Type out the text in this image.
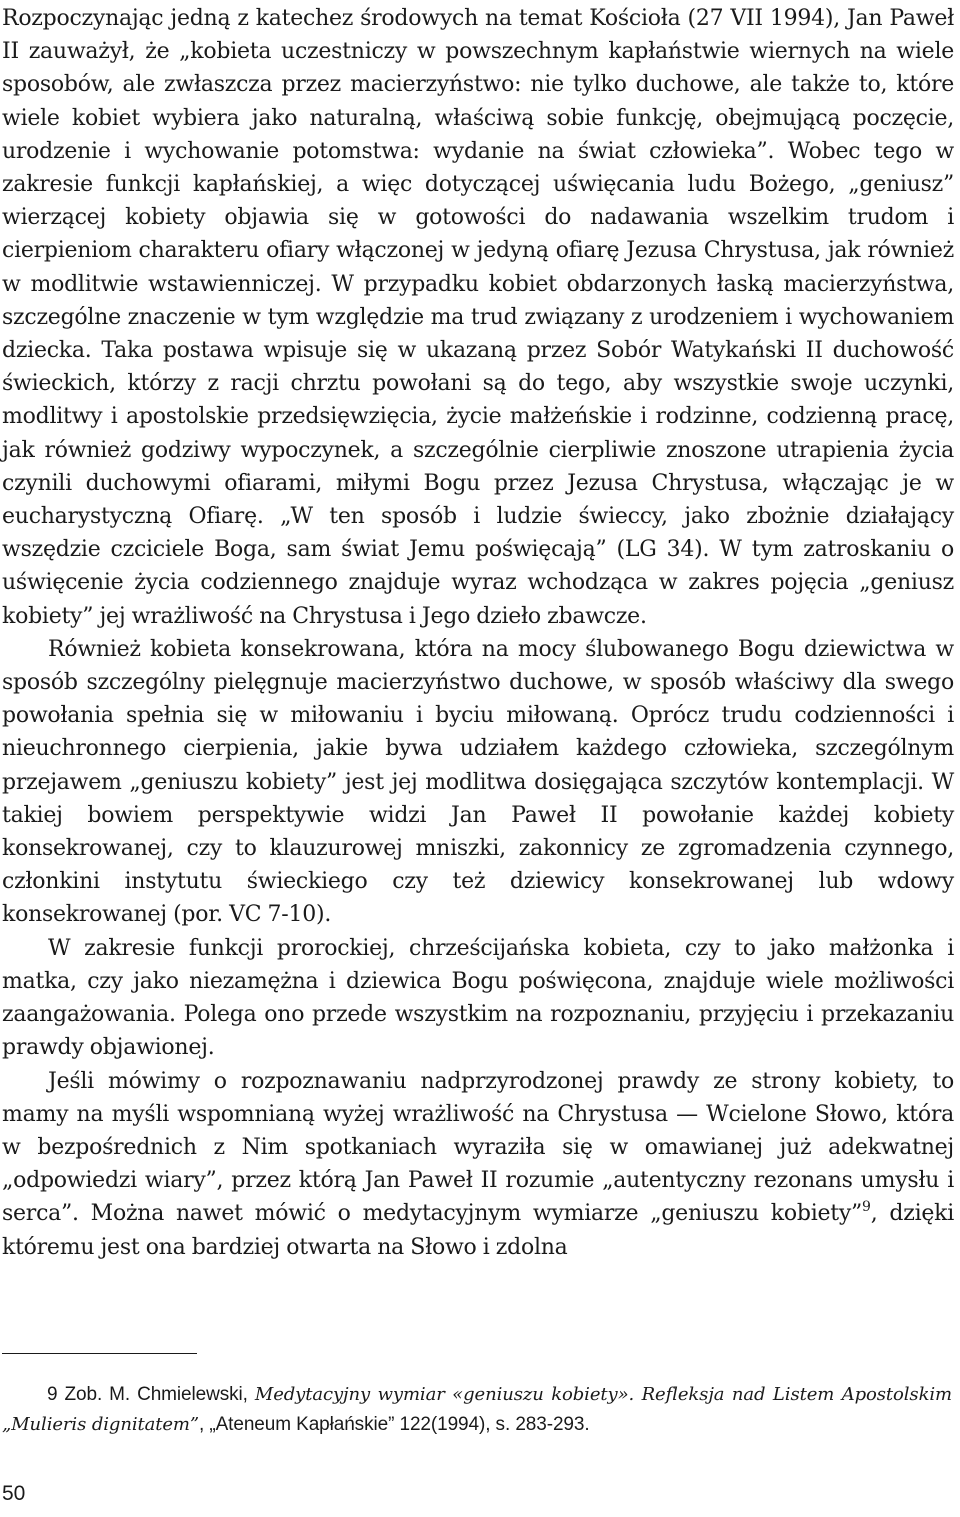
Rozpoczynając jedną z katechez środowych na temat Kościoła (27 VII 1994), Jan Paweł II zauważył, że „kobieta uczestniczy w powszechnym kapłaństwie wiernych na wiele sposobów, ale zwłaszcza przez macierzyństwo: nie tylko duchowe, ale także to, które wiele kobiet wybiera jako naturalną, właściwą sobie funkcję, obejmującą poczęcie, urodzenie i wychowanie potomstwa: wydanie na świat człowieka”. Wobec tego w zakresie funkcji kapłańskiej, a więc dotyczącej uświęcania ludu Bożego, „geniusz” wierzącej kobiety objawia się w gotowości do nadawania wszelkim trudom i cierpieniom charakteru ofiary włączonej w jedyną ofiarę Jezusa Chrystusa, jak również w modlitwie wstawienniczej. W przypadku kobiet obdarzonych łaską macierzyństwa, szczególne znaczenie w tym względzie ma trud związany z urodzeniem i wychowaniem dziecka. Taka postawa wpisuje się w ukazaną przez Sobór Watykański II duchowość świeckich, którzy z racji chrztu powołani są do tego, aby wszystkie swoje uczynki, modlitwy i apostolskie przedsięwzięcia, życie małżeńskie i rodzinne, codzienną pracę, jak również godziwy wypoczynek, a szczególnie cierpliwie znoszone utrapienia życia czynili duchowymi ofiarami, miłymi Bogu przez Jezusa Chrystusa, włączając je w eucharystyczną Ofiarę. „W ten sposób i ludzie świeccy, jako zbożnie działający wszędzie czciciele Boga, sam świat Jemu poświęcają” (LG 34). W tym zatroskaniu o uświęcenie życia codziennego znajduje wyraz wchodząca w zakres pojęcia „geniusz kobiety” jej wrażliwość na Chrystusa i Jego dzieło zbawcze.

Również kobieta konsekrowana, która na mocy ślubowanego Bogu dziewictwa w sposób szczególny pielęgnuje macierzyństwo duchowe, w sposób właściwy dla swego powołania spełnia się w miłowaniu i byciu miłowaną. Oprócz trudu codzienności i nieuchronnego cierpienia, jakie bywa udziałem każdego człowieka, szczególnym przejawem „geniuszu kobiety” jest jej modlitwa dosięgająca szczytów kontemplacji. W takiej bowiem perspektywie widzi Jan Paweł II powołanie każdej kobiety konsekrowanej, czy to klauzurowej mniszki, zakonnicy ze zgromadzenia czynnego, członkini instytutu świeckiego czy też dziewicy konsekrowanej lub wdowy konsekrowanej (por. VC 7-10).

W zakresie funkcji prorockiej, chrześcijańska kobieta, czy to jako małżonka i matka, czy jako niezamężna i dziewica Bogu poświęcona, znajduje wiele możliwości zaangażowania. Polega ono przede wszystkim na rozpoznaniu, przyjęciu i przekazaniu prawdy objawionej.

Jeśli mówimy o rozpoznawaniu nadprzyrodzonej prawdy ze strony kobiety, to mamy na myśli wspomnianą wyżej wrażliwość na Chrystusa — Wcielone Słowo, która w bezpośrednich z Nim spotkaniach wyraziła się w omawianej już adekwatnej „odpowiedzi wiary”, przez którą Jan Paweł II rozumie „autentyczny rezonans umysłu i serca”. Można nawet mówić o medytacyjnym wymiarze „geniuszu kobiety”$^9$, dzięki któremu jest ona bardziej otwarta na Słowo i zdolna

9 Zob. M. Chmielewski, Medytacyjny wymiar «geniuszu kobiety». Refleksja nad Listem Apostolskim „Mulieris dignitatem”, „Ateneum Kapłańskie” 122(1994), s. 283-293.
50
